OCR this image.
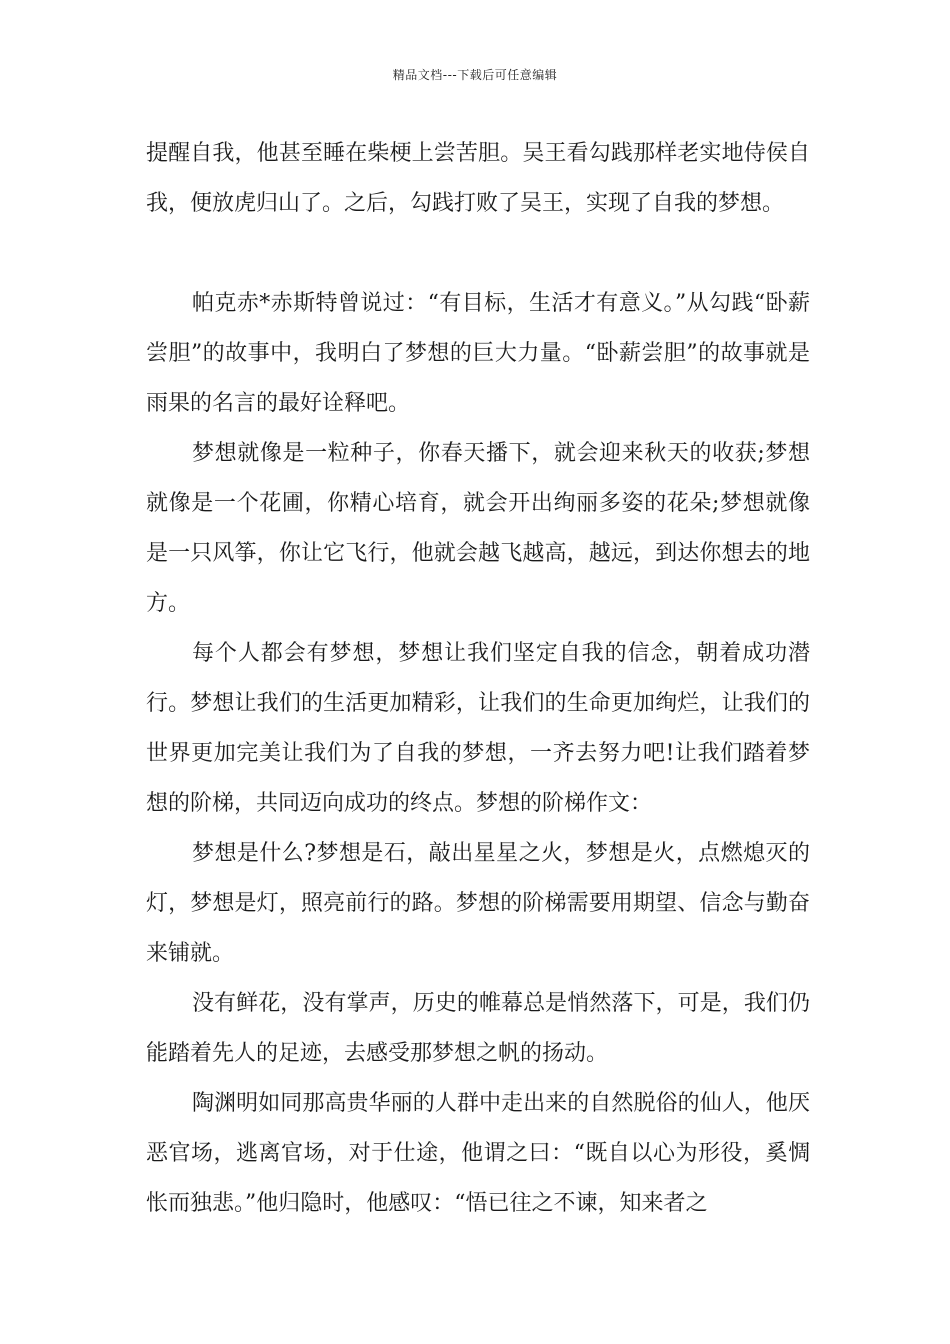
精品文档---下载后可任意编辑

提醒自我，他甚至睡在柴梗上尝苦胆。吴王看勾践那样老实地侍侯自我，便放虎归山了。之后，勾践打败了吴王，实现了自我的梦想。

帕克赤*赤斯特曾说过：“有目标，生活才有意义。”从勾践“卧薪尝胆”的故事中，我明白了梦想的巨大力量。“卧薪尝胆”的故事就是雨果的名言的最好诠释吧。

梦想就像是一粒种子，你春天播下，就会迎来秋天的收获;梦想就像是一个花圃，你精心培育，就会开出绚丽多姿的花朵;梦想就像是一只风筝，你让它飞行，他就会越飞越高，越远，到达你想去的地方。

每个人都会有梦想，梦想让我们坚定自我的信念，朝着成功潜行。梦想让我们的生活更加精彩，让我们的生命更加绚烂，让我们的世界更加完美让我们为了自我的梦想，一齐去努力吧!让我们踏着梦想的阶梯，共同迈向成功的终点。梦想的阶梯作文：

梦想是什么?梦想是石，敲出星星之火，梦想是火，点燃熄灭的灯，梦想是灯，照亮前行的路。梦想的阶梯需要用期望、信念与勤奋来铺就。

没有鲜花，没有掌声，历史的帷幕总是悄然落下，可是，我们仍能踏着先人的足迹，去感受那梦想之帆的扬动。

陶渊明如同那高贵华丽的人群中走出来的自然脱俗的仙人，他厌恶官场，逃离官场，对于仕途，他谓之曰：“既自以心为形役，奚惆怅而独悲。”他归隐时，他感叹：“悟已往之不谏，知来者之
